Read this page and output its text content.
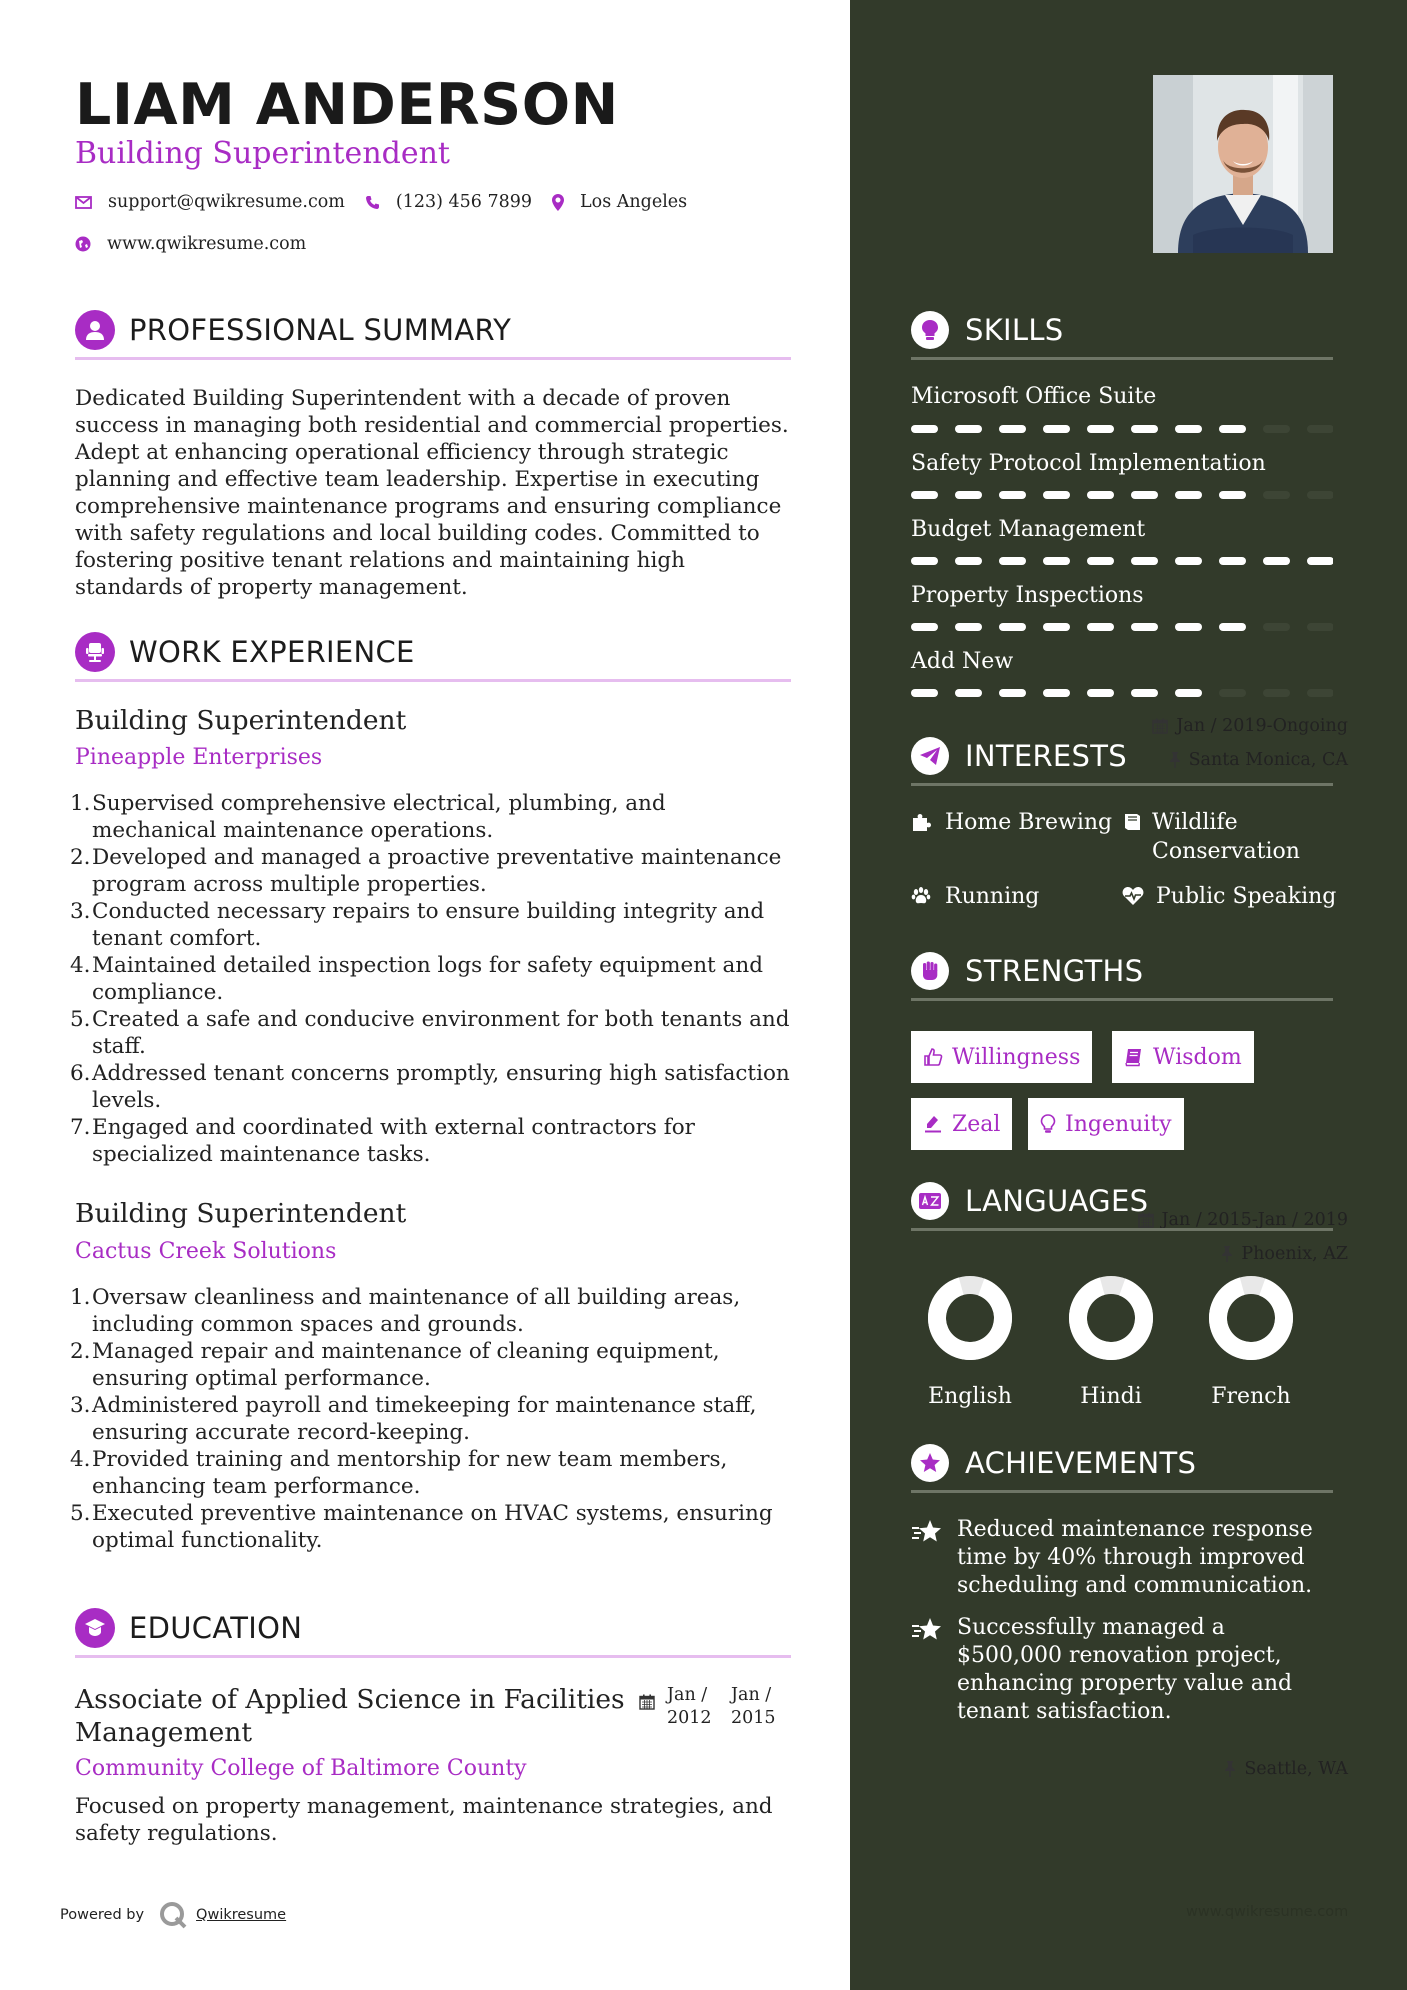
LIAM ANDERSON
Building Superintendent
support@qwikresume.com	(123) 456 7899	Los Angeles
www.qwikresume.com
PROFESSIONAL SUMMARY
Dedicated Building Superintendent with a decade of proven success in managing both residential and commercial properties. Adept at enhancing operational efficiency through strategic planning and effective team leadership. Expertise in executing comprehensive maintenance programs and ensuring compliance with safety regulations and local building codes. Committed to fostering positive tenant relations and maintaining high standards of property management.
WORK EXPERIENCE
Building Superintendent	Jan / 2019-Ongoing
Pineapple Enterprises	Santa Monica, CA
1. Supervised comprehensive electrical, plumbing, and mechanical maintenance operations.
2. Developed and managed a proactive preventative maintenance program across multiple properties.
3. Conducted necessary repairs to ensure building integrity and tenant comfort.
4. Maintained detailed inspection logs for safety equipment and compliance.
5. Created a safe and conducive environment for both tenants and staff.
6. Addressed tenant concerns promptly, ensuring high satisfaction levels.
7. Engaged and coordinated with external contractors for specialized maintenance tasks.
Building Superintendent	Jan / 2015-Jan / 2019
Cactus Creek Solutions	Phoenix, AZ
1. Oversaw cleanliness and maintenance of all building areas, including common spaces and grounds.
2. Managed repair and maintenance of cleaning equipment, ensuring optimal performance.
3. Administered payroll and timekeeping for maintenance staff, ensuring accurate record-keeping.
4. Provided training and mentorship for new team members, enhancing team performance.
5. Executed preventive maintenance on HVAC systems, ensuring optimal functionality.
EDUCATION
Associate of Applied Science in Facilities Management
Jan /
2012
Jan /
2015
Community College of Baltimore County	Seattle, WA
Focused on property management, maintenance strategies, and safety regulations.
Powered by	Qwikresume	www.qwikresume.com
SKILLS
Microsoft Office Suite
Safety Protocol Implementation
Budget Management
Property Inspections
Add New
INTERESTS
Home Brewing Wildlife Conservation
Running	Public Speaking
STRENGTHS
Willingness	Wisdom
Zeal	Ingenuity
LANGUAGES
English	Hindi	French
ACHIEVEMENTS
Reduced maintenance response time by 40% through improved scheduling and communication.
Successfully managed a $500,000 renovation project, enhancing property value and tenant satisfaction.
